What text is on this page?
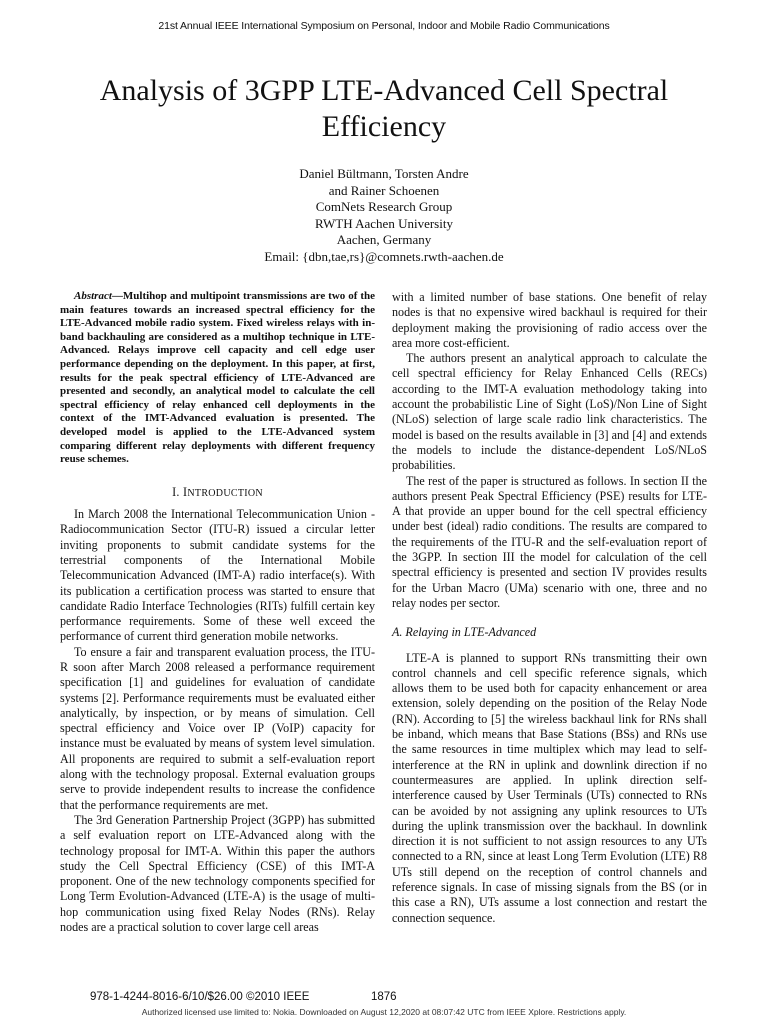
21st Annual IEEE International Symposium on Personal, Indoor and Mobile Radio Communications
Analysis of 3GPP LTE-Advanced Cell Spectral Efficiency
Daniel Bültmann, Torsten Andre
and Rainer Schoenen
ComNets Research Group
RWTH Aachen University
Aachen, Germany
Email: {dbn,tae,rs}@comnets.rwth-aachen.de

Abstract—Multihop and multipoint transmissions are two of the main features towards an increased spectral efficiency for the LTE-Advanced mobile radio system. Fixed wireless relays with in-band backhauling are considered as a multihop technique in LTE-Advanced. Relays improve cell capacity and cell edge user performance depending on the deployment. In this paper, at first, results for the peak spectral efficiency of LTE-Advanced are presented and secondly, an analytical model to calculate the cell spectral efficiency of relay enhanced cell deployments in the context of the IMT-Advanced evaluation is presented. The developed model is applied to the LTE-Advanced system comparing different relay deployments with different frequency reuse schemes.

I. INTRODUCTION

In March 2008 the International Telecommunication Union - Radiocommunication Sector (ITU-R) issued a circular letter inviting proponents to submit candidate systems for the terrestrial components of the International Mobile Telecommunication Advanced (IMT-A) radio interface(s). With its publication a certification process was started to ensure that candidate Radio Interface Technologies (RITs) fulfill certain key performance requirements. Some of these well exceed the performance of current third generation mobile networks.

To ensure a fair and transparent evaluation process, the ITU-R soon after March 2008 released a performance requirement specification [1] and guidelines for evaluation of candidate systems [2]. Performance requirements must be evaluated either analytically, by inspection, or by means of simulation. Cell spectral efficiency and Voice over IP (VoIP) capacity for instance must be evaluated by means of system level simulation. All proponents are required to submit a self-evaluation report along with the technology proposal. External evaluation groups serve to provide independent results to increase the confidence that the performance requirements are met.

The 3rd Generation Partnership Project (3GPP) has submitted a self evaluation report on LTE-Advanced along with the technology proposal for IMT-A. Within this paper the authors study the Cell Spectral Efficiency (CSE) of this IMT-A proponent. One of the new technology components specified for Long Term Evolution-Advanced (LTE-A) is the usage of multi-hop communication using fixed Relay Nodes (RNs). Relay nodes are a practical solution to cover large cell areas

with a limited number of base stations. One benefit of relay nodes is that no expensive wired backhaul is required for their deployment making the provisioning of radio access over the area more cost-efficient.

The authors present an analytical approach to calculate the cell spectral efficiency for Relay Enhanced Cells (RECs) according to the IMT-A evaluation methodology taking into account the probabilistic Line of Sight (LoS)/Non Line of Sight (NLoS) selection of large scale radio link characteristics. The model is based on the results available in [3] and [4] and extends the models to include the distance-dependent LoS/NLoS probabilities.

The rest of the paper is structured as follows. In section II the authors present Peak Spectral Efficiency (PSE) results for LTE-A that provide an upper bound for the cell spectral efficiency under best (ideal) radio conditions. The results are compared to the requirements of the ITU-R and the self-evaluation report of the 3GPP. In section III the model for calculation of the cell spectral efficiency is presented and section IV provides results for the Urban Macro (UMa) scenario with one, three and no relay nodes per sector.

A. Relaying in LTE-Advanced

LTE-A is planned to support RNs transmitting their own control channels and cell specific reference signals, which allows them to be used both for capacity enhancement or area extension, solely depending on the position of the Relay Node (RN). According to [5] the wireless backhaul link for RNs shall be inband, which means that Base Stations (BSs) and RNs use the same resources in time multiplex which may lead to self-interference at the RN in uplink and downlink direction if no countermeasures are applied. In uplink direction self-interference caused by User Terminals (UTs) connected to RNs can be avoided by not assigning any uplink resources to UTs during the uplink transmission over the backhaul. In downlink direction it is not sufficient to not assign resources to any UTs connected to a RN, since at least Long Term Evolution (LTE) R8 UTs still depend on the reception of control channels and reference signals. In case of missing signals from the BS (or in this case a RN), UTs assume a lost connection and restart the connection sequence.

978-1-4244-8016-6/10/$26.00 ©2010 IEEE	1876
Authorized licensed use limited to: Nokia. Downloaded on August 12,2020 at 08:07:42 UTC from IEEE Xplore. Restrictions apply.
